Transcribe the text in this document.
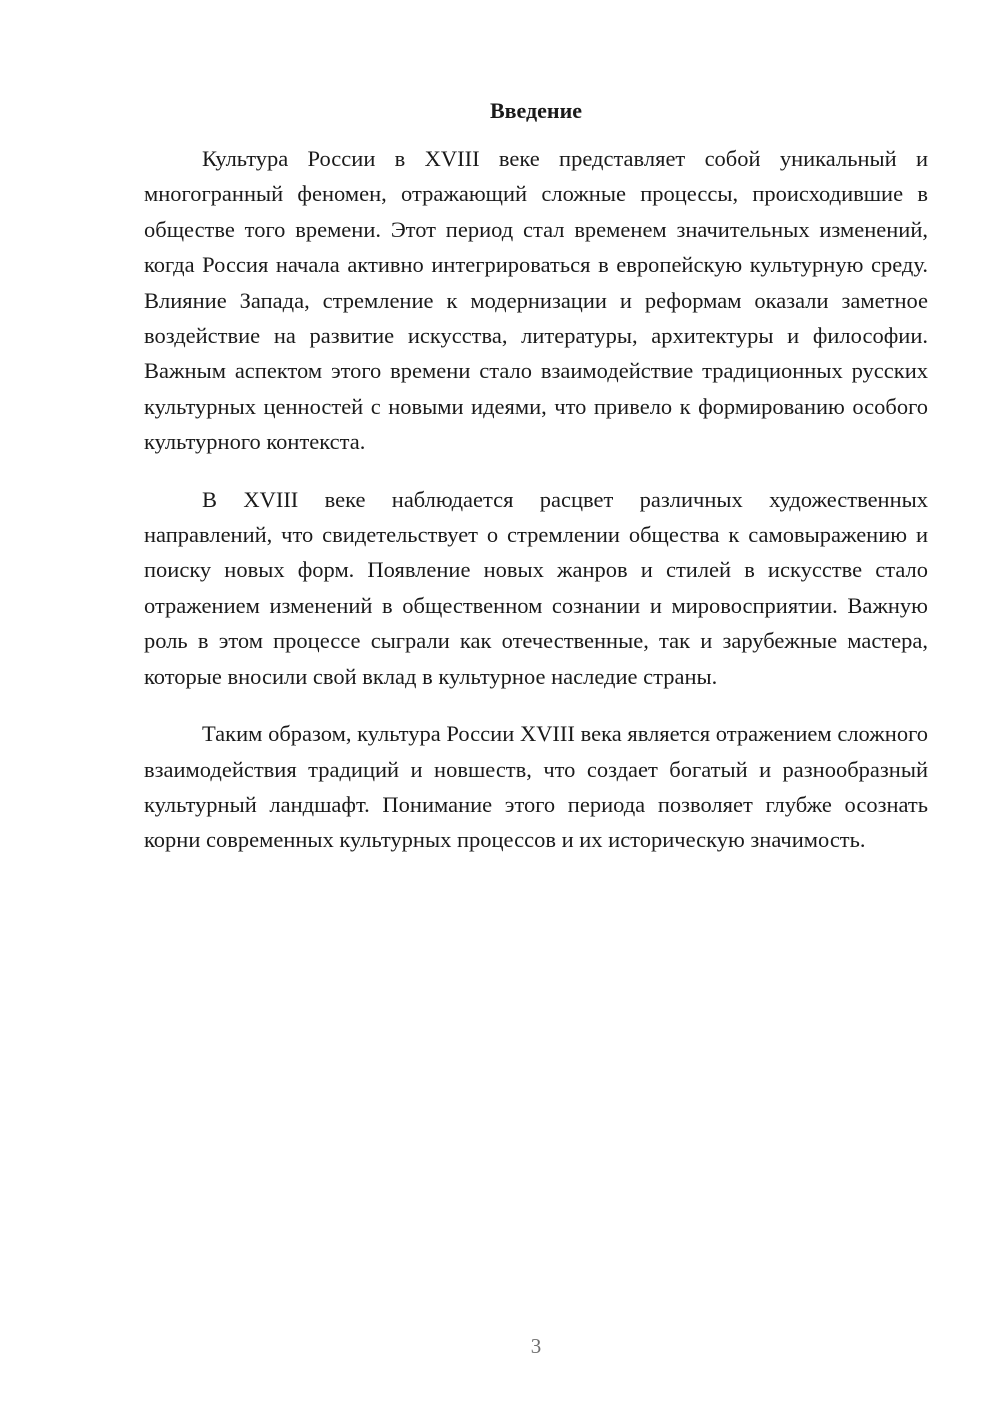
Введение

Культура России в XVIII веке представляет собой уникальный и многогранный феномен, отражающий сложные процессы, происходившие в обществе того времени. Этот период стал временем значительных изменений, когда Россия начала активно интегрироваться в европейскую культурную среду. Влияние Запада, стремление к модернизации и реформам оказали заметное воздействие на развитие искусства, литературы, архитектуры и философии. Важным аспектом этого времени стало взаимодействие традиционных русских культурных ценностей с новыми идеями, что привело к формированию особого культурного контекста.

В XVIII веке наблюдается расцвет различных художественных направлений, что свидетельствует о стремлении общества к самовыражению и поиску новых форм. Появление новых жанров и стилей в искусстве стало отражением изменений в общественном сознании и мировосприятии. Важную роль в этом процессе сыграли как отечественные, так и зарубежные мастера, которые вносили свой вклад в культурное наследие страны.

Таким образом, культура России XVIII века является отражением сложного взаимодействия традиций и новшеств, что создает богатый и разнообразный культурный ландшафт. Понимание этого периода позволяет глубже осознать корни современных культурных процессов и их историческую значимость.

3
